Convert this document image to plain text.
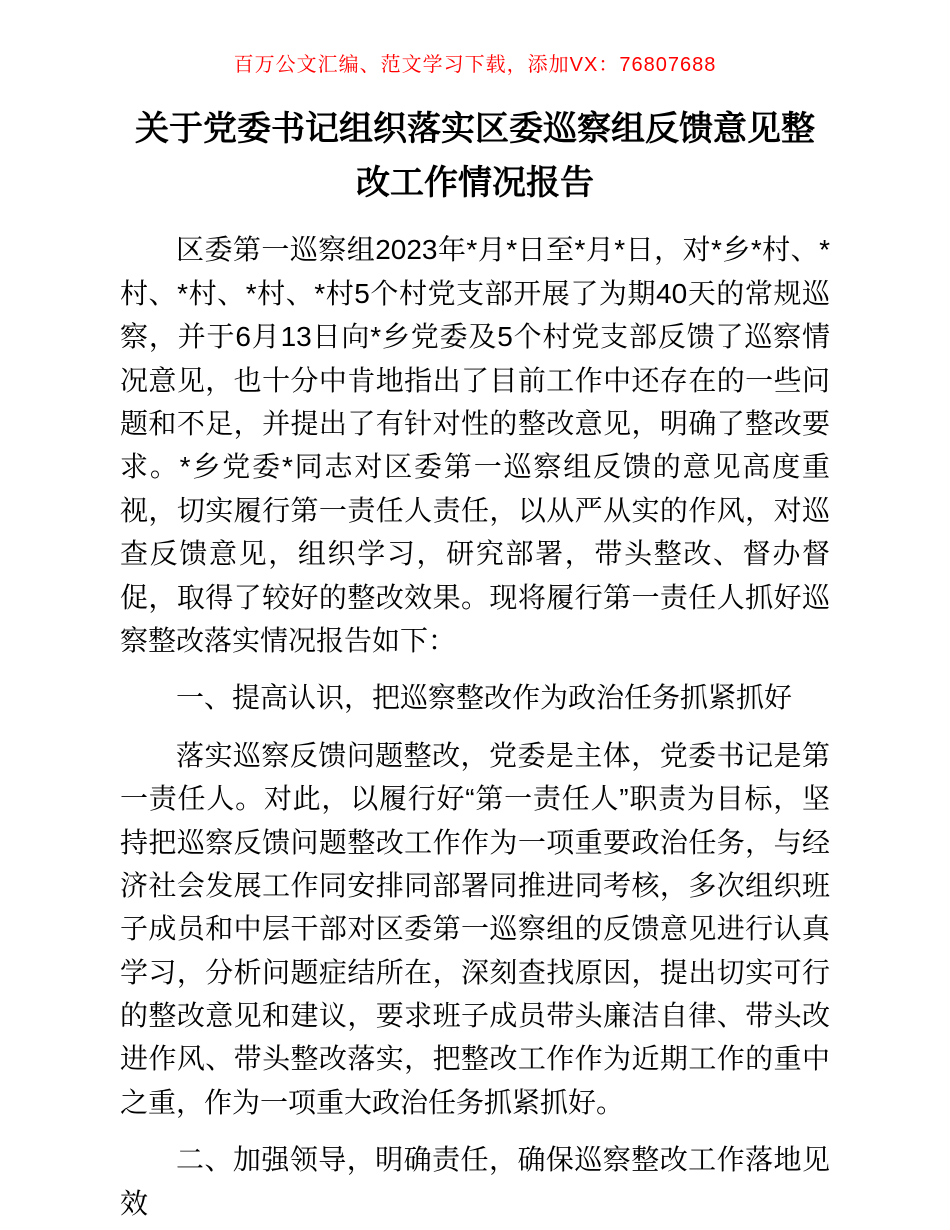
百万公文汇编、范文学习下载，添加VX：76807688
关于党委书记组织落实区委巡察组反馈意见整改工作情况报告

区委第一巡察组2023年*月*日至*月*日，对*乡*村、*村、*村、*村、*村5个村党支部开展了为期40天的常规巡察，并于6月13日向*乡党委及5个村党支部反馈了巡察情况意见，也十分中肯地指出了目前工作中还存在的一些问题和不足，并提出了有针对性的整改意见，明确了整改要求。*乡党委*同志对区委第一巡察组反馈的意见高度重视，切实履行第一责任人责任，以从严从实的作风，对巡查反馈意见，组织学习，研究部署，带头整改、督办督促，取得了较好的整改效果。现将履行第一责任人抓好巡察整改落实情况报告如下：

一、提高认识，把巡察整改作为政治任务抓紧抓好

落实巡察反馈问题整改，党委是主体，党委书记是第一责任人。对此，以履行好“第一责任人”职责为目标，坚持把巡察反馈问题整改工作作为一项重要政治任务，与经济社会发展工作同安排同部署同推进同考核，多次组织班子成员和中层干部对区委第一巡察组的反馈意见进行认真学习，分析问题症结所在，深刻查找原因，提出切实可行的整改意见和建议，要求班子成员带头廉洁自律、带头改进作风、带头整改落实，把整改工作作为近期工作的重中之重，作为一项重大政治任务抓紧抓好。

二、加强领导，明确责任，确保巡察整改工作落地见效
